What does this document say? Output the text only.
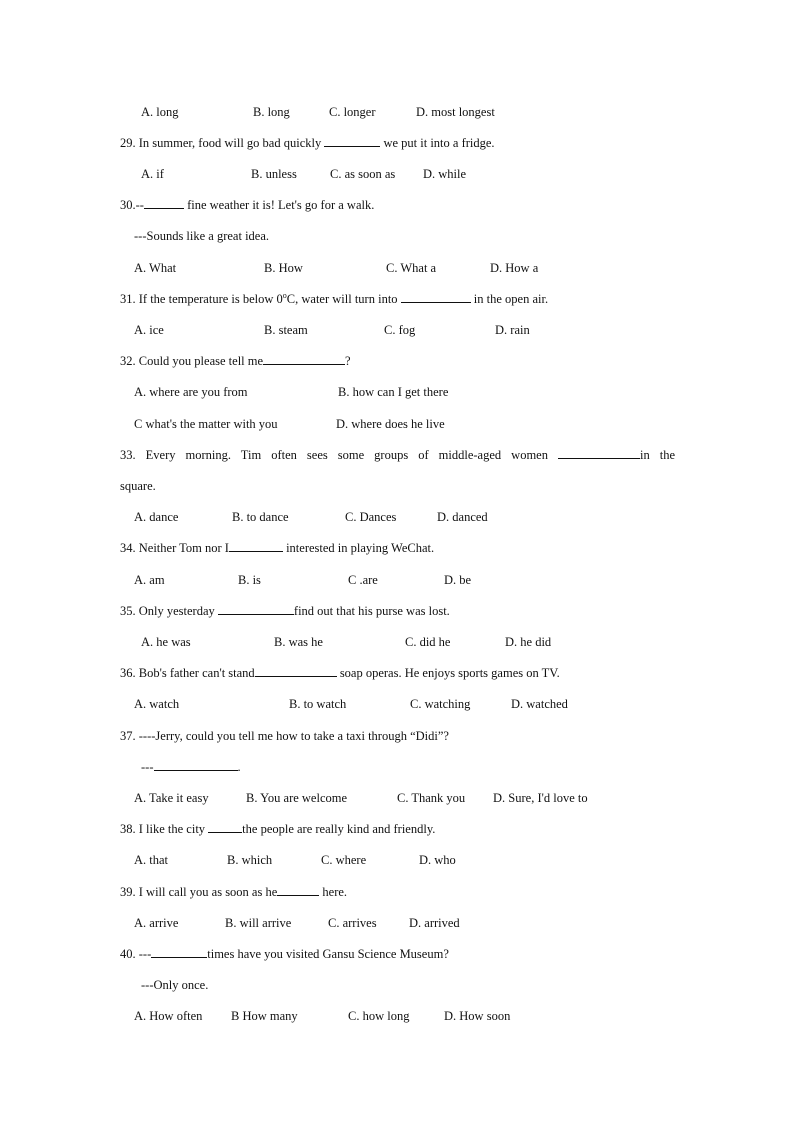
A. long	B. long	C. longer	D. most longest
29. In summer, food will go bad quickly	we put it into a fridge.
A. if	B. unless	C. as soon as D. while
30.--	fine weather it is! Let's go for a walk.
---Sounds like a great idea.
A. What	B. How	C. What a	D. How a
31. If the temperature is below 0$^o$C, water will turn into	in the open air.
A. ice	B. steam	C. fog	D. rain
32. Could you please tell me	?
A. where are you from	B. how can I get there
C what's the matter with you	D. where does he live
33. Every morning. Tim often sees some groups of middle-aged women	in the
square.
A. dance	B. to dance	C. Dances	D. danced
34. Neither Tom nor I	interested in playing WeChat.
A. am	B. is	C .are	D. be
35. Only yesterday	find out that his purse was lost.
A. he was	B. was he	C. did he	D. he did
36. Bob's father can't stand	soap operas. He enjoys sports games on TV.
A. watch	B. to watch	C. watching	D. watched
37. ----Jerry, could you tell me how to take a taxi through “Didi”?
---	.
A. Take it easy	B. You are welcome	C. Thank you D. Sure, I'd love to
38. I like the city	the people are really kind and friendly.
A. that	B. which	C. where	D. who
39. I will call you as soon as he	here.
A. arrive	B. will arrive	C. arrives	D. arrived
40. ---	times have you visited Gansu Science Museum?
---Only once.
A. How often B How many	C. how long	D. How soon
